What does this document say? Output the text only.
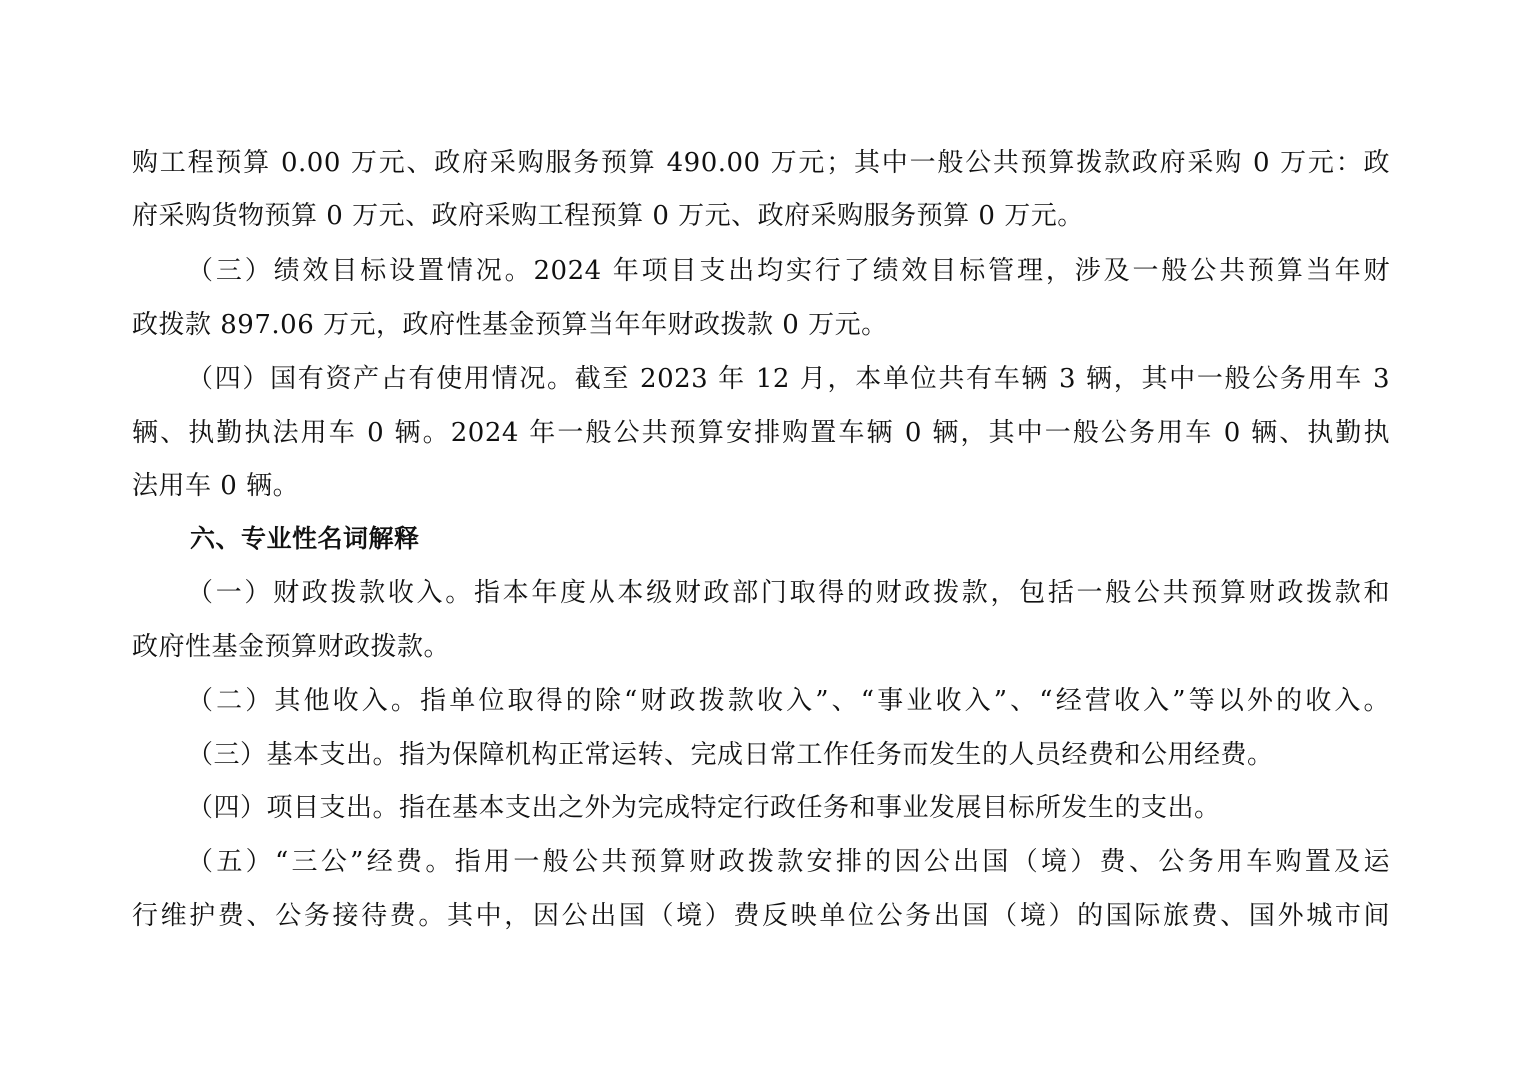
购工程预算 0.00 万元、政府采购服务预算 490.00 万元；其中一般公共预算拨款政府采购 0 万元：政
府采购货物预算 0 万元、政府采购工程预算 0 万元、政府采购服务预算 0 万元。
（三）绩效目标设置情况。2024 年项目支出均实行了绩效目标管理，涉及一般公共预算当年财
政拨款 897.06 万元，政府性基金预算当年年财政拨款 0 万元。
（四）国有资产占有使用情况。截至 2023 年 12 月，本单位共有车辆 3 辆，其中一般公务用车 3
辆、执勤执法用车 0 辆。2024 年一般公共预算安排购置车辆 0 辆，其中一般公务用车 0 辆、执勤执
法用车 0 辆。
六、专业性名词解释
（一）财政拨款收入。指本年度从本级财政部门取得的财政拨款，包括一般公共预算财政拨款和
政府性基金预算财政拨款。
（二）其他收入。指单位取得的除“财政拨款收入”、“事业收入”、“经营收入”等以外的收入。
（三）基本支出。指为保障机构正常运转、完成日常工作任务而发生的人员经费和公用经费。
（四）项目支出。指在基本支出之外为完成特定行政任务和事业发展目标所发生的支出。
（五）“三公”经费。指用一般公共预算财政拨款安排的因公出国（境）费、公务用车购置及运
行维护费、公务接待费。其中，因公出国（境）费反映单位公务出国（境）的国际旅费、国外城市间
